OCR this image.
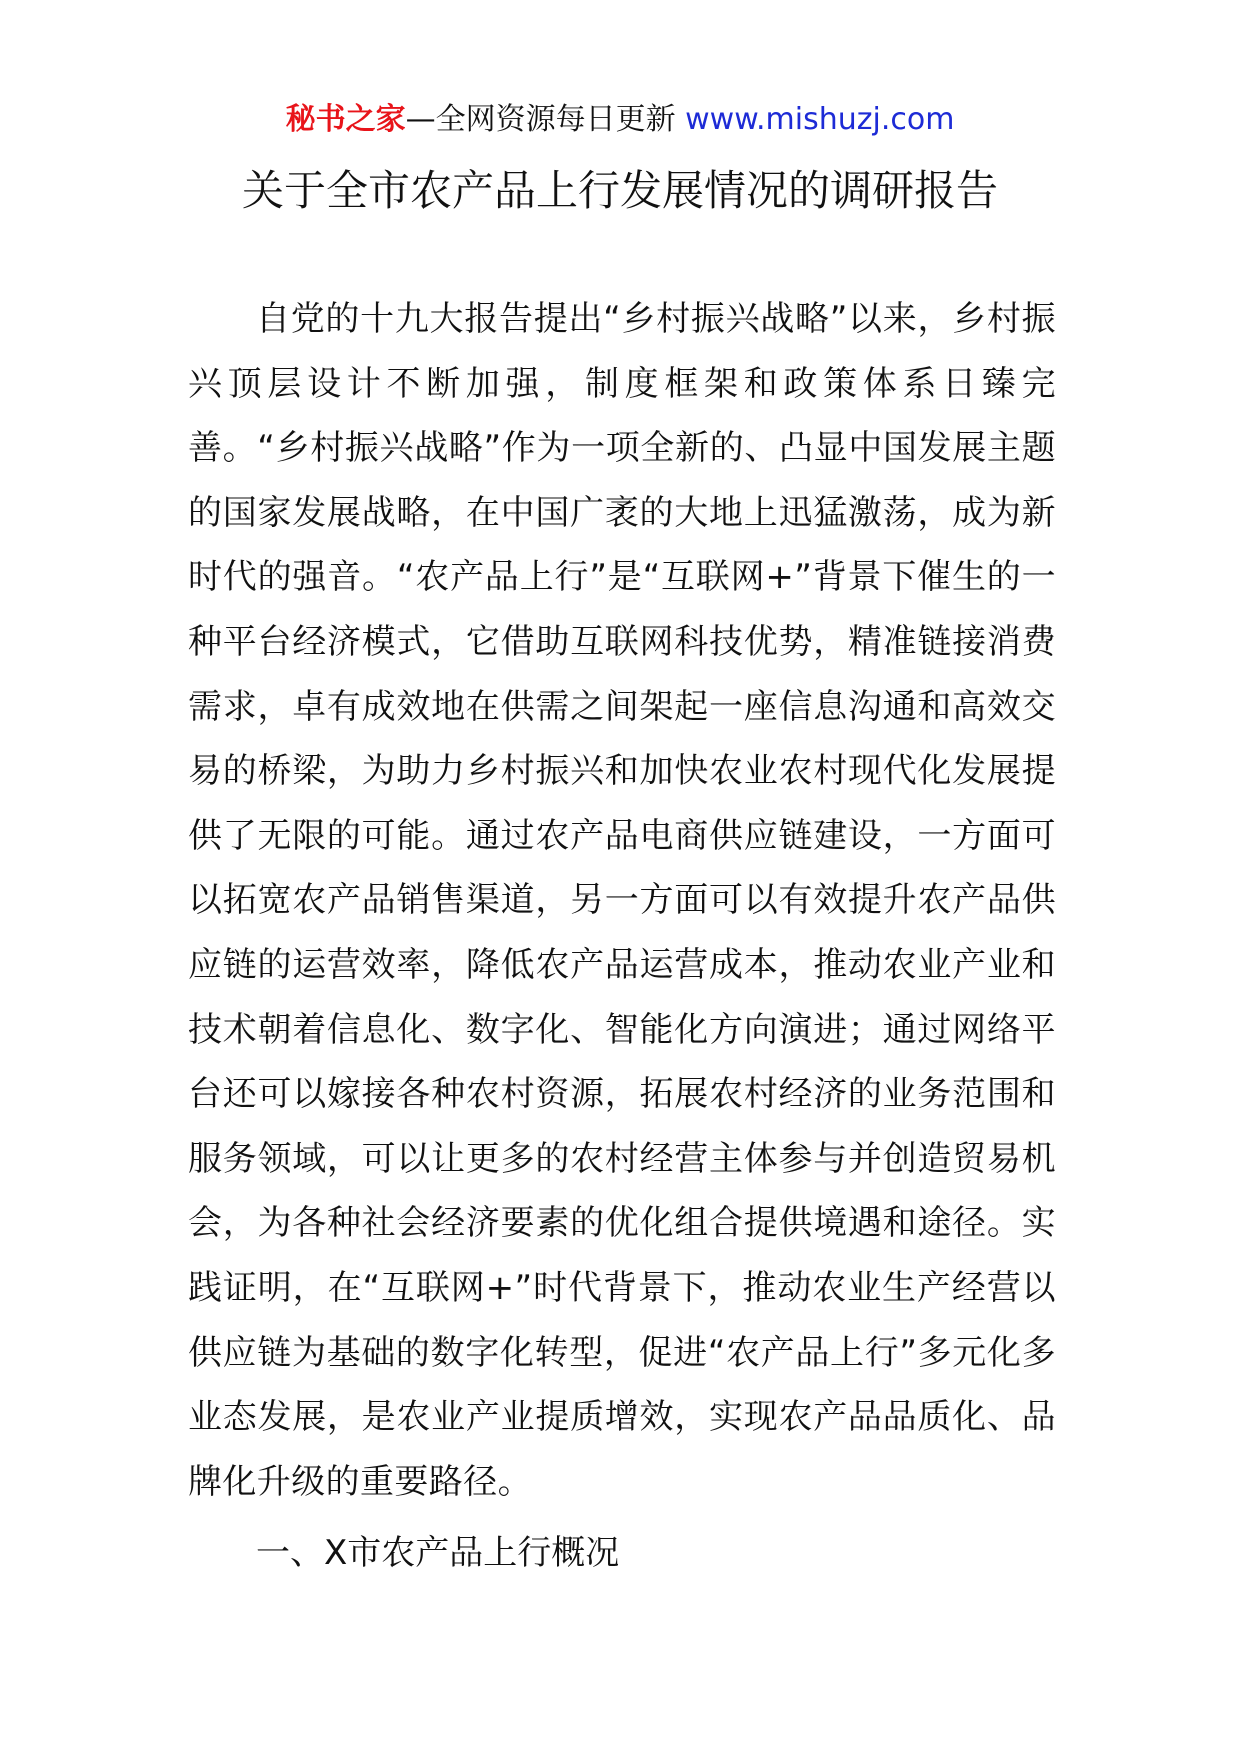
秘书之家—全网资源每日更新 www.mishuzj.com
关于全市农产品上行发展情况的调研报告

自党的十九大报告提出“乡村振兴战略”以来，乡村振兴顶层设计不断加强，制度框架和政策体系日臻完善。“乡村振兴战略”作为一项全新的、凸显中国发展主题的国家发展战略，在中国广袤的大地上迅猛激荡，成为新时代的强音。“农产品上行”是“互联网+”背景下催生的一种平台经济模式，它借助互联网科技优势，精准链接消费需求，卓有成效地在供需之间架起一座信息沟通和高效交易的桥梁，为助力乡村振兴和加快农业农村现代化发展提供了无限的可能。通过农产品电商供应链建设，一方面可以拓宽农产品销售渠道，另一方面可以有效提升农产品供应链的运营效率，降低农产品运营成本，推动农业产业和技术朝着信息化、数字化、智能化方向演进；通过网络平台还可以嫁接各种农村资源，拓展农村经济的业务范围和服务领域，可以让更多的农村经营主体参与并创造贸易机会，为各种社会经济要素的优化组合提供境遇和途径。实践证明，在“互联网+”时代背景下，推动农业生产经营以供应链为基础的数字化转型，促进“农产品上行”多元化多业态发展，是农业产业提质增效，实现农产品品质化、品牌化升级的重要路径。

一、X市农产品上行概况
